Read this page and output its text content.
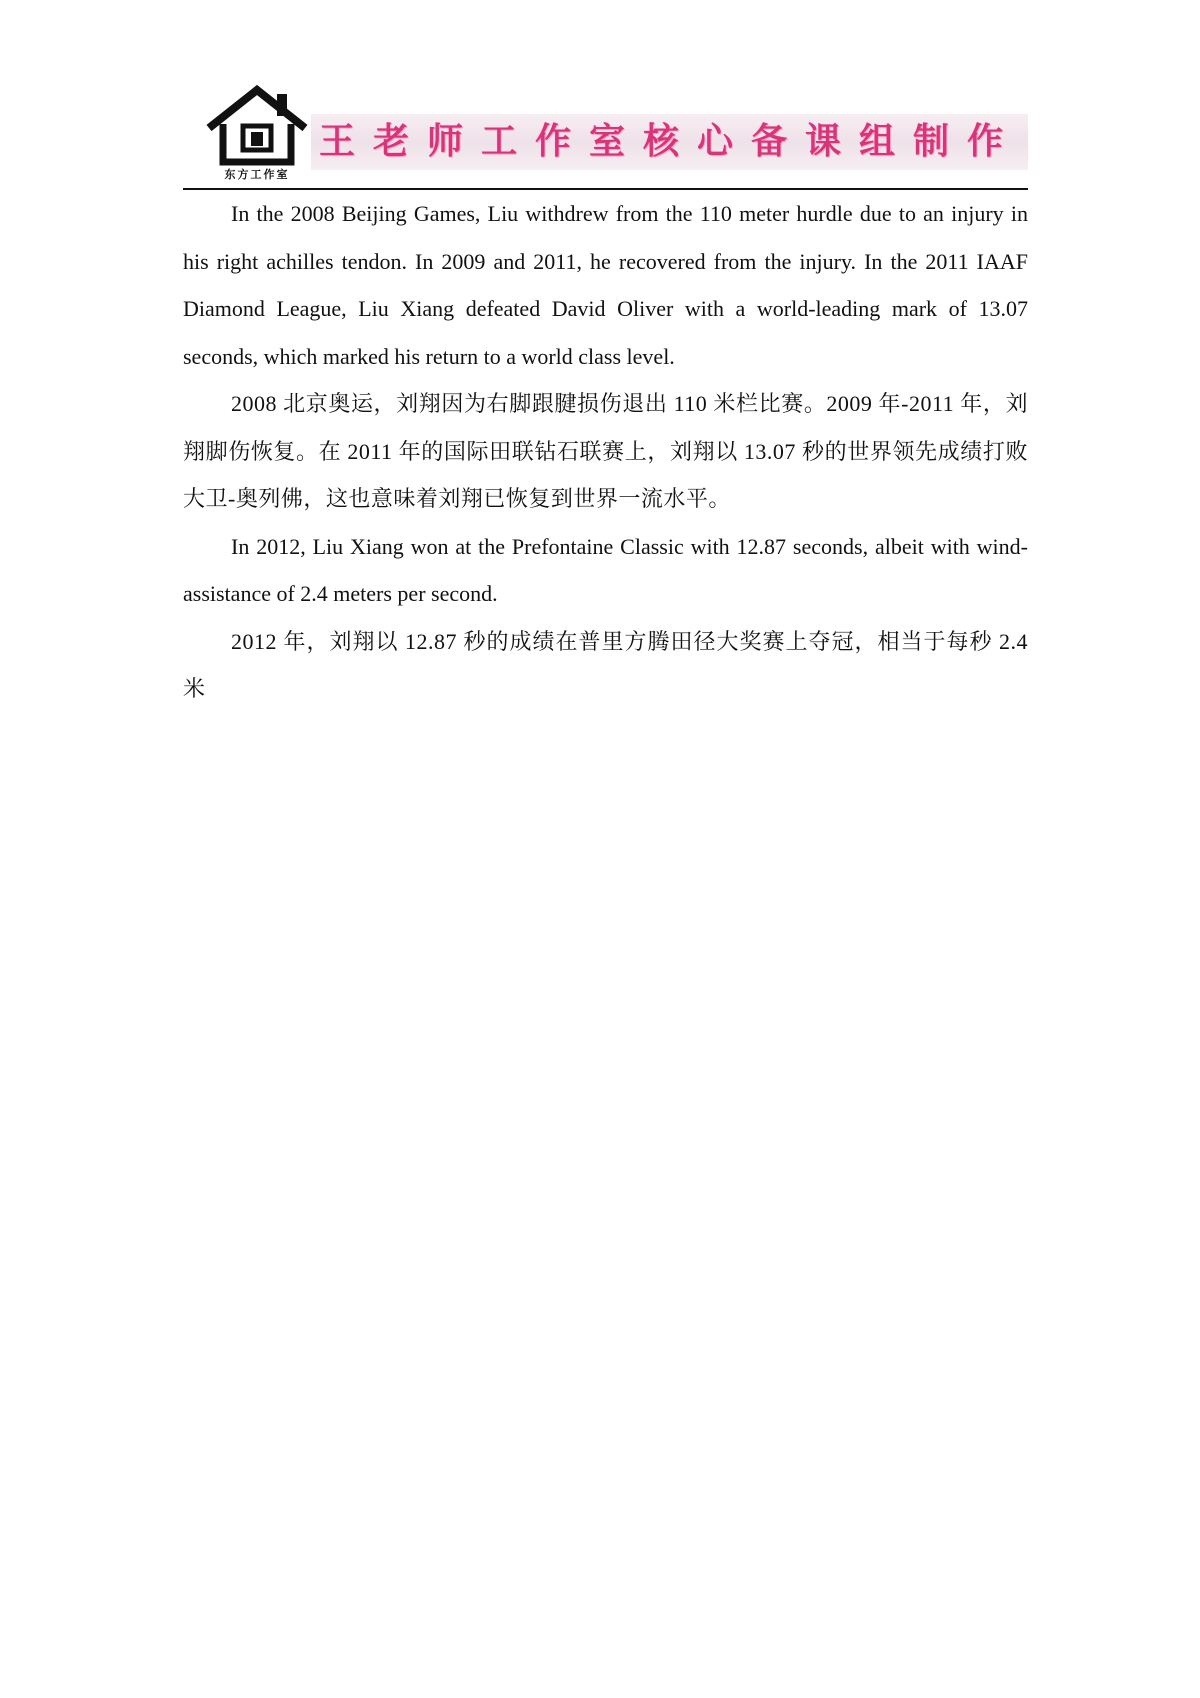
东方工作室
王老师工作室核心备课组制作

In the 2008 Beijing Games, Liu withdrew from the 110 meter hurdle due to an injury in his right achilles tendon. In 2009 and 2011, he recovered from the injury. In the 2011 IAAF Diamond League, Liu Xiang defeated David Oliver with a world-leading mark of 13.07 seconds, which marked his return to a world class level.

2008 北京奥运，刘翔因为右脚跟腱损伤退出 110 米栏比赛。2009 年-2011 年，刘翔脚伤恢复。在 2011 年的国际田联钻石联赛上，刘翔以 13.07 秒的世界领先成绩打败大卫-奥列佛，这也意味着刘翔已恢复到世界一流水平。

In 2012, Liu Xiang won at the Prefontaine Classic with 12.87 seconds, albeit with wind-assistance of 2.4 meters per second.

2012 年，刘翔以 12.87 秒的成绩在普里方腾田径大奖赛上夺冠，相当于每秒 2.4 米
